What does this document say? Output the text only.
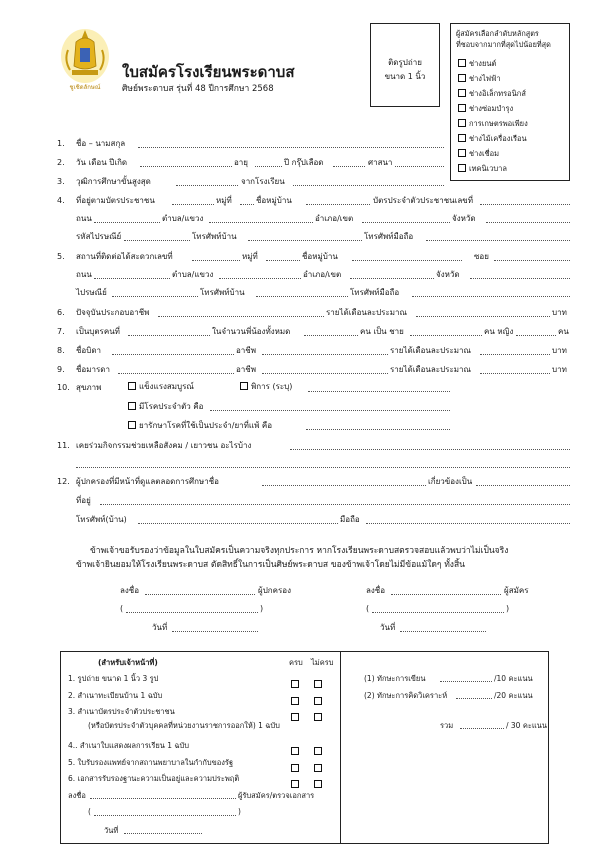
ชูเชิดลักษณ์
ใบสมัครโรงเรียนพระดาบส
ศิษย์พระดาบส รุ่นที่ 48 ปีการศึกษา 2568
ติดรูปถ่าย
ขนาด 1 นิ้ว
ผู้สมัครเลือกลำดับหลักสูตร
ที่ชอบจากมากที่สุดไปน้อยที่สุด
ช่างยนต์
ช่างไฟฟ้า
ช่างอิเล็กทรอนิกส์
ช่างซ่อมบำรุง
การเกษตรพอเพียง
ช่างไม้เครื่องเรือน
ช่างเชื่อม
เทคนิเวบาล
1. ชื่อ – นามสกุล
2. วัน เดือน ปีเกิด	อายุ	ปี กรุ๊ปเลือด	ศาสนา
3. วุฒิการศึกษาขั้นสูงสุด	จากโรงเรียน
4. ที่อยู่ตามบัตรประชาชน	หมู่ที่	ชื่อหมู่บ้าน	บัตรประจำตัวประชาชนเลขที่
ถนน	ตำบล/แขวง	อำเภอ/เขต	จังหวัด
รหัสไปรษณีย์	โทรศัพท์บ้าน	โทรศัพท์มือถือ
5. สถานที่ติดต่อได้สะดวกเลขที่	หมู่ที่	ชื่อหมู่บ้าน	ซอย
ถนน	ตำบล/แขวง	อำเภอ/เขต	จังหวัด
ไปรษณีย์	โทรศัพท์บ้าน	โทรศัพท์มือถือ
6. ปัจจุบันประกอบอาชีพ	รายได้เดือนละประมาณ	บาท
7. เป็นบุตรคนที่	ในจำนวนพี่น้องทั้งหมด	คน เป็น ชาย	คน หญิง	คน
8. ชื่อบิดา	อาชีพ	รายได้เดือนละประมาณ	บาท
9. ชื่อมารดา	อาชีพ	รายได้เดือนละประมาณ	บาท
10. สุขภาพ	แข็งแรงสมบูรณ์	พิการ (ระบุ)
มีโรคประจำตัว คือ
ยารักษาโรคที่ใช้เป็นประจำ/ยาที่แพ้ คือ
11. เคยร่วมกิจกรรมช่วยเหลือสังคม / เยาวชน อะไรบ้าง
12. ผู้ปกครองที่มีหน้าที่ดูแลตลอดการศึกษาชื่อ	เกี่ยวข้องเป็น
ที่อยู่
โทรศัพท์(บ้าน)	มือถือ
ข้าพเจ้าขอรับรองว่าข้อมูลในใบสมัครเป็นความจริงทุกประการ หากโรงเรียนพระดาบสตรวจสอบแล้วพบว่าไม่เป็นจริง
ข้าพเจ้ายินยอมให้โรงเรียนพระดาบส ตัดสิทธิ์ในการเป็นศิษย์พระดาบส ของข้าพเจ้าโดยไม่มีข้อแม้ใดๆ ทั้งสิ้น
ลงชื่อ	ผู้ปกครอง
(	)
วันที่
ลงชื่อ	ผู้สมัคร
(	)
วันที่
(สำหรับเจ้าหน้าที่)	ครบ ไม่ครบ
1. รูปถ่าย ขนาด 1 นิ้ว 3 รูป
2. สำเนาทะเบียนบ้าน 1 ฉบับ
3. สำเนาบัตรประจำตัวประชาชน
(หรือบัตรประจำตัวบุคคลที่หน่วยงานราชการออกให้) 1 ฉบับ
4.. สำเนาใบแสดงผลการเรียน 1 ฉบับ
5. ใบรับรองแพทย์จากสถานพยาบาลในกำกับของรัฐ
6. เอกสารรับรองฐานะความเป็นอยู่และความประพฤติ
ลงชื่อ	ผู้รับสมัคร/ตรวจเอกสาร
(	)
วันที่
(1) ทักษะการเขียน	/10 คะแนน
(2) ทักษะการคิดวิเคราะห์	/20 คะแนน
รวม	/ 30 คะแนน
